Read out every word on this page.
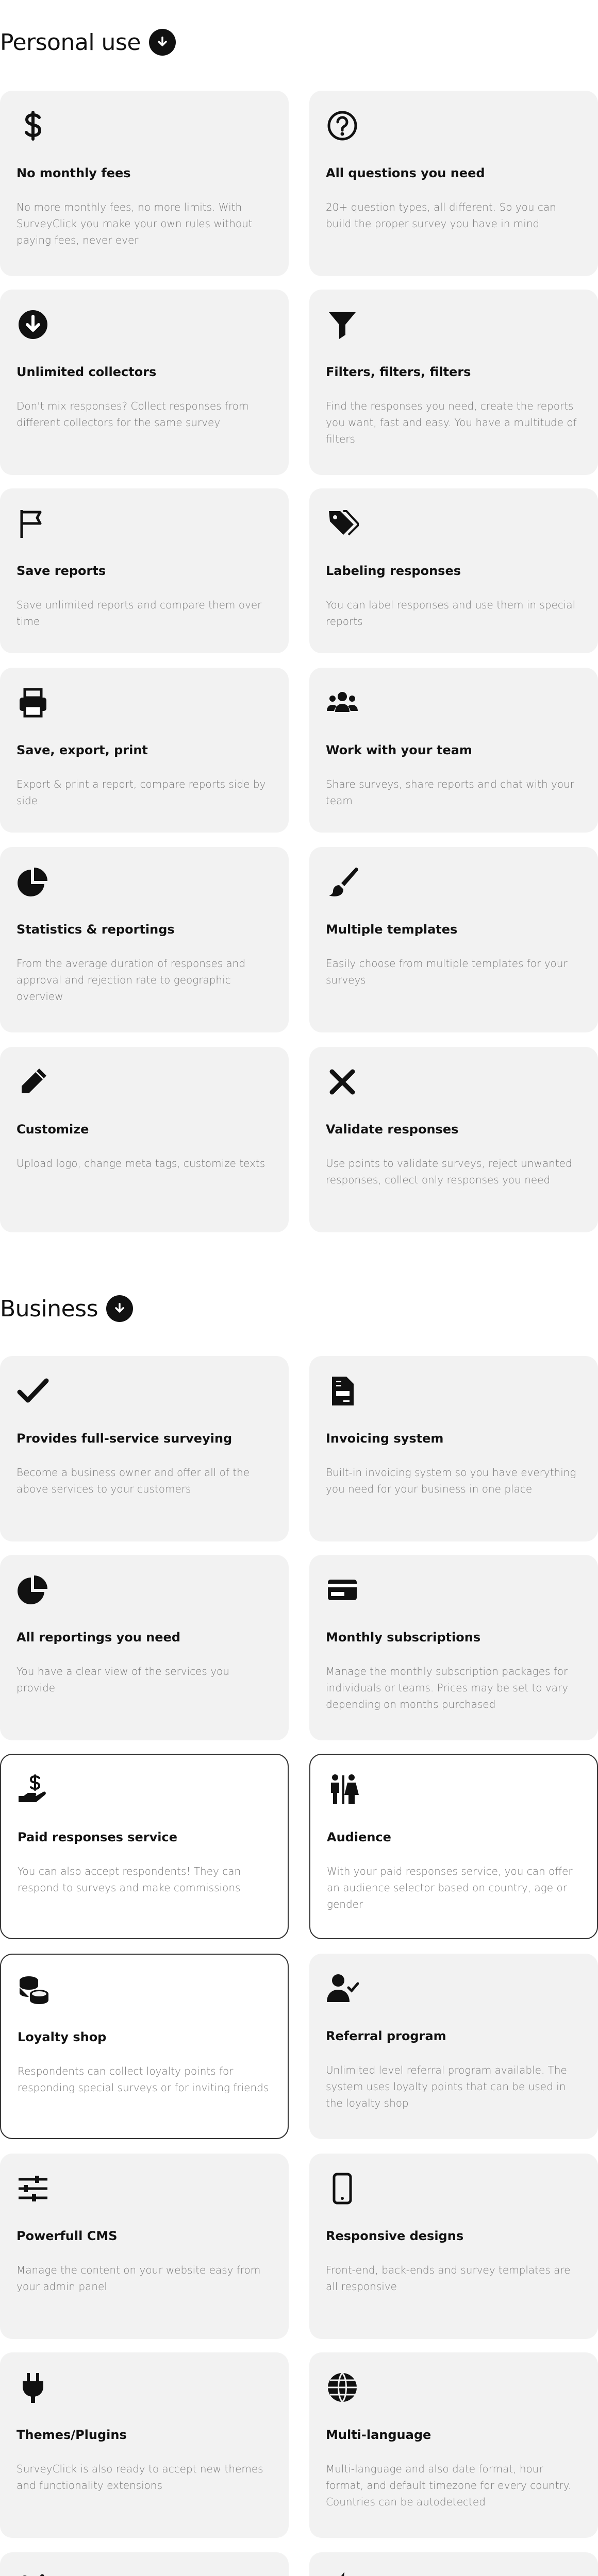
Personal use
No monthly fees

No more monthly fees, no more limits. With SurveyClick you make your own rules without paying fees, never ever

All questions you need

20+ question types, all different. So you can build the proper survey you have in mind

Unlimited collectors

Don't mix responses? Collect responses from different collectors for the same survey

Filters, filters, filters

Find the responses you need, create the reports you want, fast and easy. You have a multitude of filters

Save reports

Save unlimited reports and compare them over time

Labeling responses

You can label responses and use them in special reports

Save, export, print

Export & print a report, compare reports side by side

Work with your team

Share surveys, share reports and chat with your team

Statistics & reportings

From the average duration of responses and approval and rejection rate to geographic overview

Multiple templates

Easily choose from multiple templates for your surveys

Customize

Upload logo, change meta tags, customize texts

Validate responses

Use points to validate surveys, reject unwanted responses, collect only responses you need

Business
Provides full-service surveying

Become a business owner and offer all of the above services to your customers

Invoicing system

Built-in invoicing system so you have everything you need for your business in one place

All reportings you need

You have a clear view of the services you provide

Monthly subscriptions

Manage the monthly subscription packages for individuals or teams. Prices may be set to vary depending on months purchased

Paid responses service

You can also accept respondents! They can respond to surveys and make commissions

Audience

With your paid responses service, you can offer an audience selector based on country, age or gender

Loyalty shop

Respondents can collect loyalty points for responding special surveys or for inviting friends

Referral program

Unlimited level referral program available. The system uses loyalty points that can be used in the loyalty shop

Powerfull CMS

Manage the content on your website easy from your admin panel

Responsive designs

Front-end, back-ends and survey templates are all responsive

Themes/Plugins

SurveyClick is also ready to accept new themes and functionality extensions

Multi-language

Multi-language and also date format, hour format, and default timezone for every country. Countries can be autodetected
